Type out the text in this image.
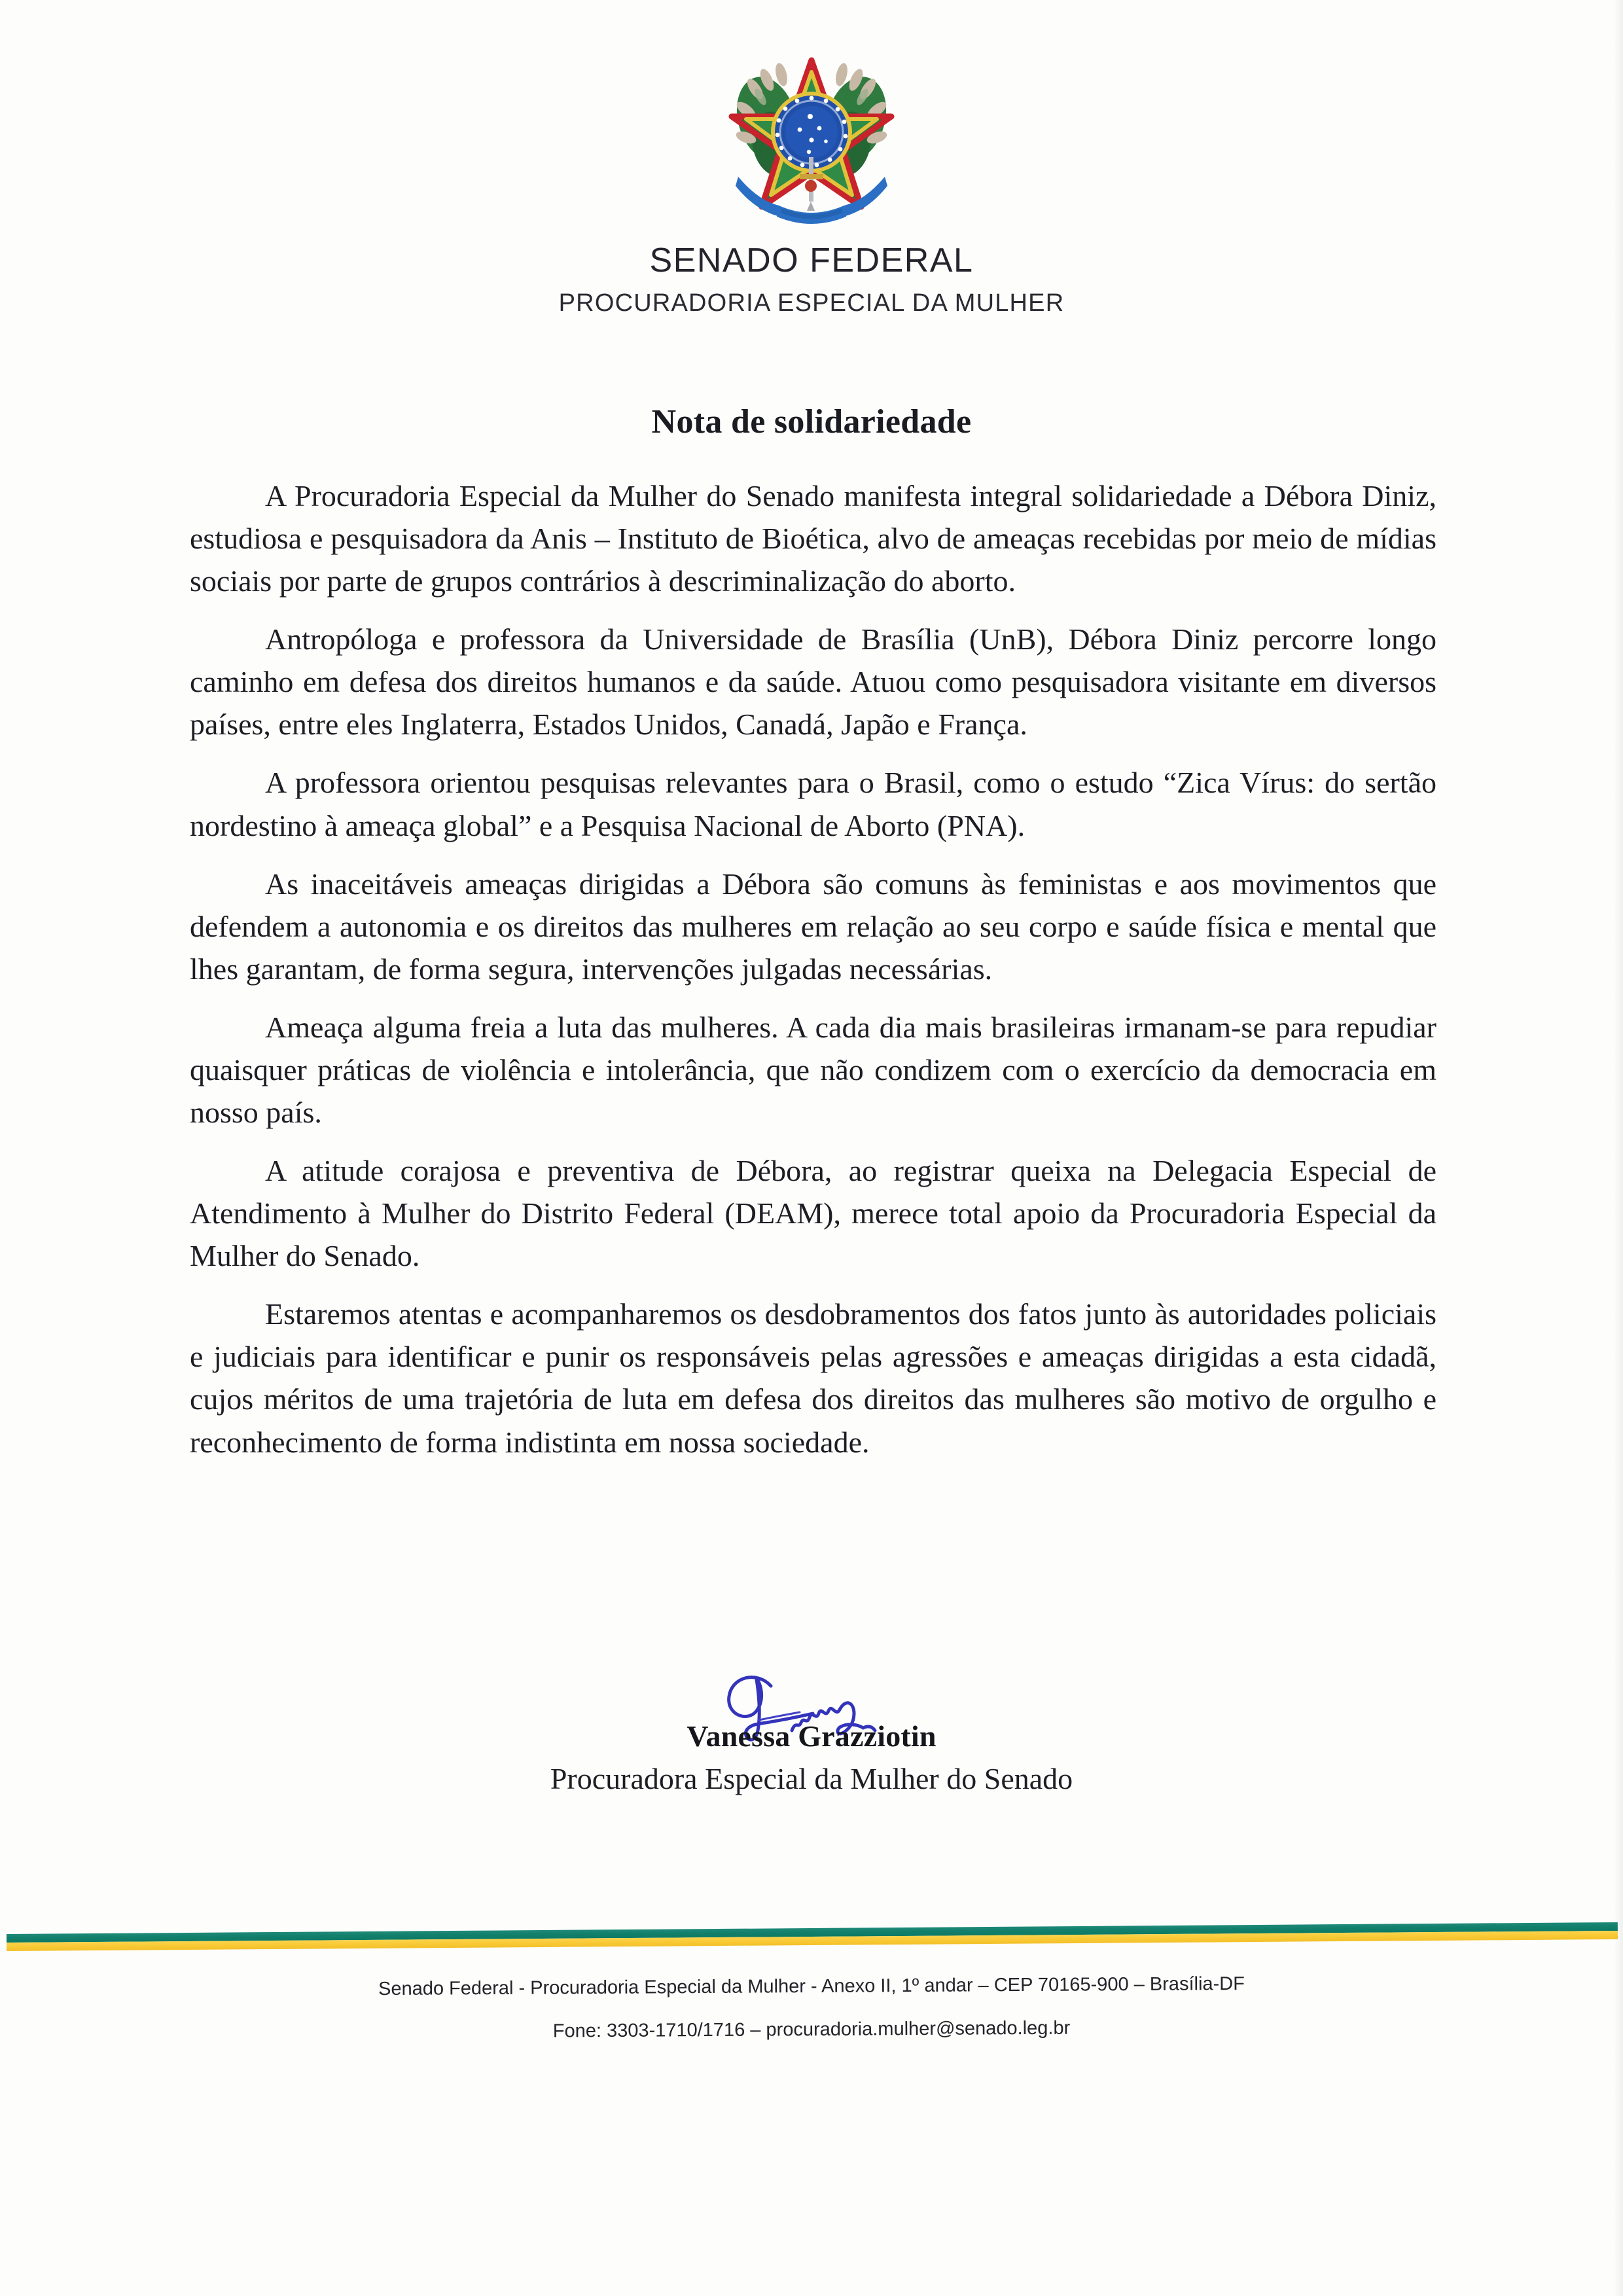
SENADO FEDERAL
PROCURADORIA ESPECIAL DA MULHER
Nota de solidariedade

A Procuradoria Especial da Mulher do Senado manifesta integral solidariedade a Débora Diniz, estudiosa e pesquisadora da Anis – Instituto de Bioética, alvo de ameaças recebidas por meio de mídias sociais por parte de grupos contrários à descriminalização do aborto.

Antropóloga e professora da Universidade de Brasília (UnB), Débora Diniz percorre longo caminho em defesa dos direitos humanos e da saúde. Atuou como pesquisadora visitante em diversos países, entre eles Inglaterra, Estados Unidos, Canadá, Japão e França.

A professora orientou pesquisas relevantes para o Brasil, como o estudo “Zica Vírus: do sertão nordestino à ameaça global” e a Pesquisa Nacional de Aborto (PNA).

As inaceitáveis ameaças dirigidas a Débora são comuns às feministas e aos movimentos que defendem a autonomia e os direitos das mulheres em relação ao seu corpo e saúde física e mental que lhes garantam, de forma segura, intervenções julgadas necessárias.

Ameaça alguma freia a luta das mulheres. A cada dia mais brasileiras irmanam-se para repudiar quaisquer práticas de violência e intolerância, que não condizem com o exercício da democracia em nosso país.

A atitude corajosa e preventiva de Débora, ao registrar queixa na Delegacia Especial de Atendimento à Mulher do Distrito Federal (DEAM), merece total apoio da Procuradoria Especial da Mulher do Senado.

Estaremos atentas e acompanharemos os desdobramentos dos fatos junto às autoridades policiais e judiciais para identificar e punir os responsáveis pelas agressões e ameaças dirigidas a esta cidadã, cujos méritos de uma trajetória de luta em defesa dos direitos das mulheres são motivo de orgulho e reconhecimento de forma indistinta em nossa sociedade.

Vanessa Grazziotin
Procuradora Especial da Mulher do Senado
Senado Federal - Procuradoria Especial da Mulher - Anexo II, 1º andar – CEP 70165-900 – Brasília-DF
Fone: 3303-1710/1716 – procuradoria.mulher@senado.leg.br
